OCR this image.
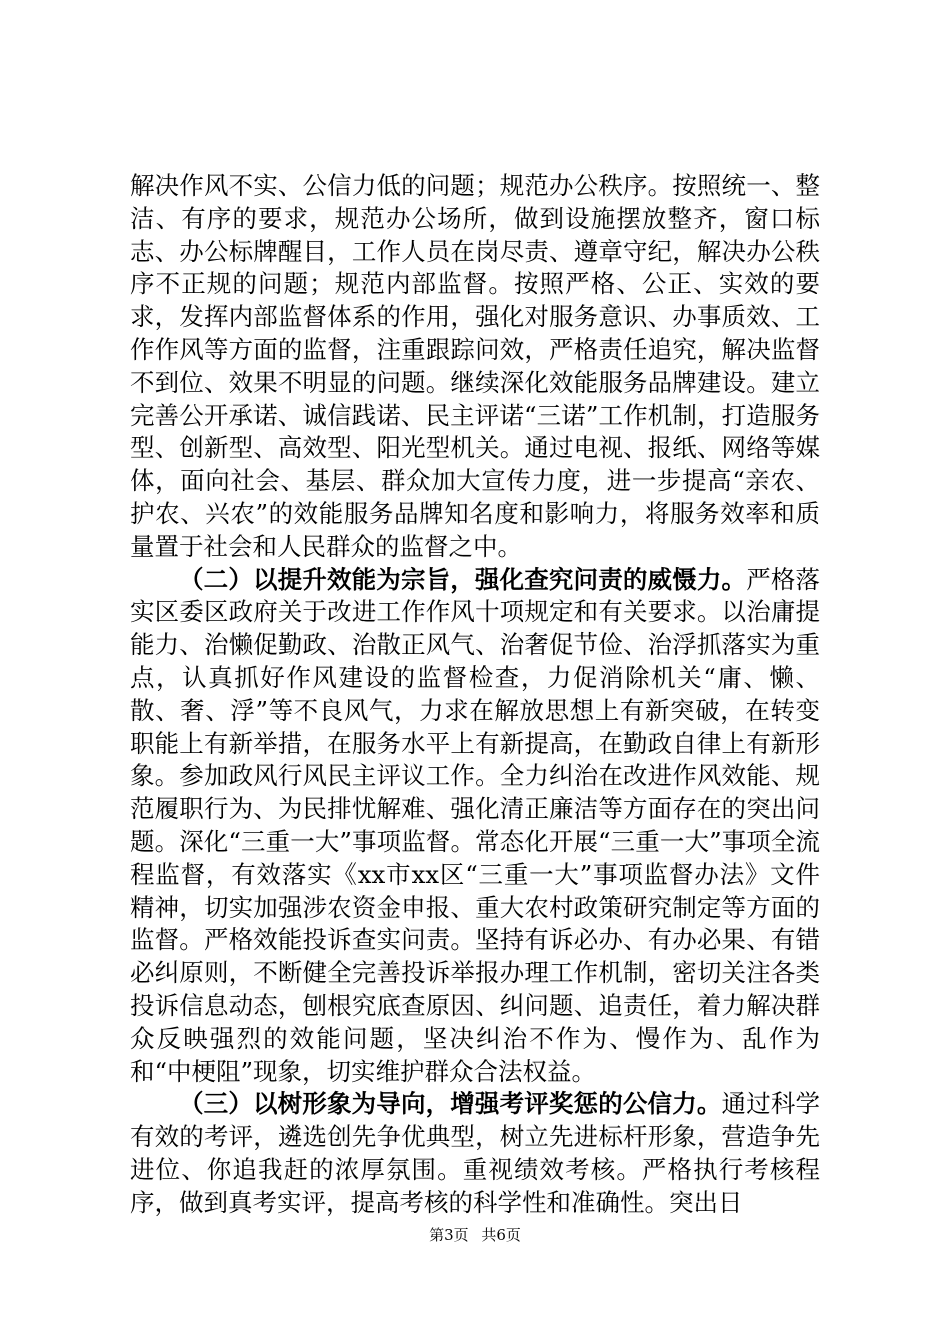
解决作风不实、公信力低的问题；规范办公秩序。按照统一、整洁、有序的要求，规范办公场所，做到设施摆放整齐，窗口标志、办公标牌醒目，工作人员在岗尽责、遵章守纪，解决办公秩序不正规的问题；规范内部监督。按照严格、公正、实效的要求，发挥内部监督体系的作用，强化对服务意识、办事质效、工作作风等方面的监督，注重跟踪问效，严格责任追究，解决监督不到位、效果不明显的问题。继续深化效能服务品牌建设。建立完善公开承诺、诚信践诺、民主评诺“三诺”工作机制，打造服务型、创新型、高效型、阳光型机关。通过电视、报纸、网络等媒体，面向社会、基层、群众加大宣传力度，进一步提高“亲农、护农、兴农”的效能服务品牌知名度和影响力，将服务效率和质量置于社会和人民群众的监督之中。

（二）以提升效能为宗旨，强化查究问责的威慑力。严格落实区委区政府关于改进工作作风十项规定和有关要求。以治庸提能力、治懒促勤政、治散正风气、治奢促节俭、治浮抓落实为重点，认真抓好作风建设的监督检查，力促消除机关“庸、懒、散、奢、浮”等不良风气，力求在解放思想上有新突破，在转变职能上有新举措，在服务水平上有新提高，在勤政自律上有新形象。参加政风行风民主评议工作。全力纠治在改进作风效能、规范履职行为、为民排忧解难、强化清正廉洁等方面存在的突出问题。深化“三重一大”事项监督。常态化开展“三重一大”事项全流程监督，有效落实《xx市xx区“三重一大”事项监督办法》文件精神，切实加强涉农资金申报、重大农村政策研究制定等方面的监督。严格效能投诉查实问责。坚持有诉必办、有办必果、有错必纠原则，不断健全完善投诉举报办理工作机制，密切关注各类投诉信息动态，刨根究底查原因、纠问题、追责任，着力解决群众反映强烈的效能问题，坚决纠治不作为、慢作为、乱作为和“中梗阻”现象，切实维护群众合法权益。

（三）以树形象为导向，增强考评奖惩的公信力。通过科学有效的考评，遴选创先争优典型，树立先进标杆形象，营造争先进位、你追我赶的浓厚氛围。重视绩效考核。严格执行考核程序，做到真考实评，提高考核的科学性和准确性。突出日

第3页 共6页
